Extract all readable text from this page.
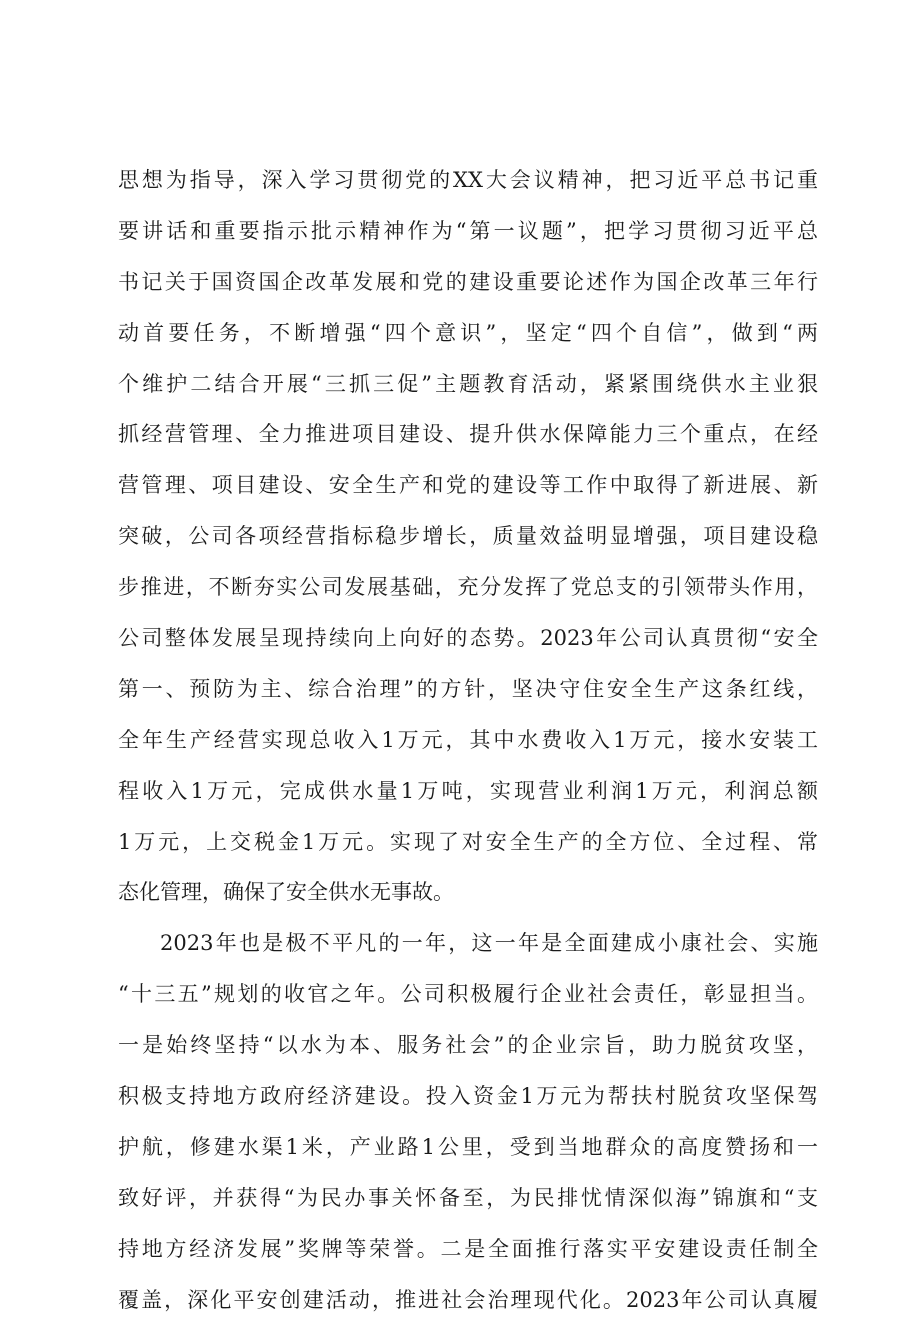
思想为指导，深入学习贯彻党的XX大会议精神，把习近平总书记重
要讲话和重要指示批示精神作为“第一议题”，把学习贯彻习近平总
书记关于国资国企改革发展和党的建设重要论述作为国企改革三年行
动首要任务，不断增强“四个意识”，坚定“四个自信”，做到“两
个维护二结合开展“三抓三促”主题教育活动，紧紧围绕供水主业狠
抓经营管理、全力推进项目建设、提升供水保障能力三个重点，在经
营管理、项目建设、安全生产和党的建设等工作中取得了新进展、新
突破，公司各项经营指标稳步增长，质量效益明显增强，项目建设稳
步推进，不断夯实公司发展基础，充分发挥了党总支的引领带头作用，
公司整体发展呈现持续向上向好的态势。2023年公司认真贯彻“安全
第一、预防为主、综合治理”的方针，坚决守住安全生产这条红线，
全年生产经营实现总收入1万元，其中水费收入1万元，接水安装工
程收入1万元，完成供水量1万吨，实现营业利润1万元，利润总额
1万元，上交税金1万元。实现了对安全生产的全方位、全过程、常
态化管理，确保了安全供水无事故。
2023年也是极不平凡的一年，这一年是全面建成小康社会、实施
“十三五”规划的收官之年。公司积极履行企业社会责任，彰显担当。
一是始终坚持“以水为本、服务社会”的企业宗旨，助力脱贫攻坚，
积极支持地方政府经济建设。投入资金1万元为帮扶村脱贫攻坚保驾
护航，修建水渠1米，产业路1公里，受到当地群众的高度赞扬和一
致好评，并获得“为民办事关怀备至，为民排忧情深似海”锦旗和“支
持地方经济发展”奖牌等荣誉。二是全面推行落实平安建设责任制全
覆盖，深化平安创建活动，推进社会治理现代化。2023年公司认真履
